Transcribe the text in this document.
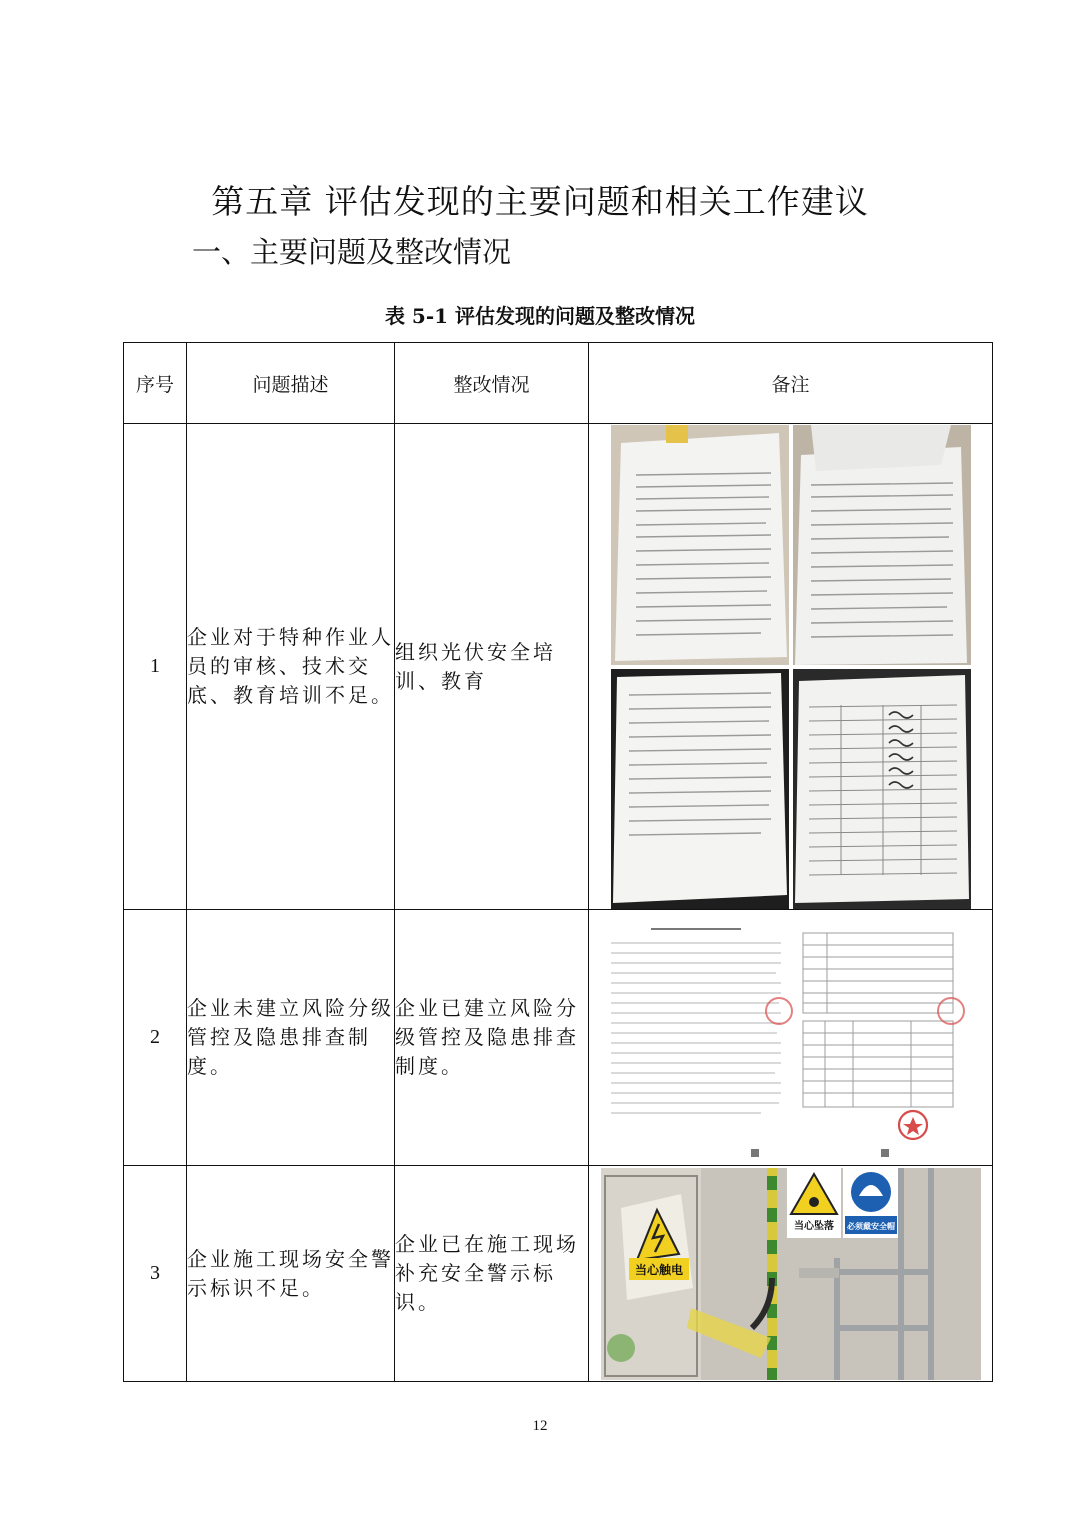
第五章 评估发现的主要问题和相关工作建议
一、主要问题及整改情况
表 5-1 评估发现的问题及整改情况
序号	问题描述	整改情况	备注
1	企业对于特种作业人员的审核、技术交底、教育培训不足。	组织光伏安全培训、教育	

2	企业未建立风险分级管控及隐患排查制度。	企业已建立风险分级管控及隐患排查制度。	

3	企业施工现场安全警示标识不足。	企业已在施工现场补充安全警示标识。	当心触电
当心坠落 必须戴安全帽
12
